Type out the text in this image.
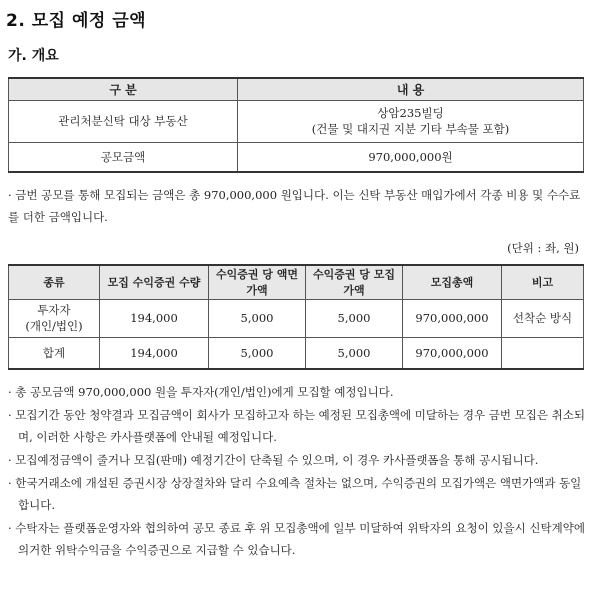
2. 모집 예정 금액
가. 개요
구 분	내 용
관리처분신탁 대상 부동산	상암235빌딩
(건물 및 대지권 지분 기타 부속물 포함)

공모금액	970,000,000원
· 금번 공모를 통해 모집되는 금액은 총 970,000,000 원입니다. 이는 신탁 부동산 매입가에서 각종 비용 및 수수료를 더한 금액입니다.
(단위 : 좌, 원)
종류	모집 수익증권 수량	수익증권 당 액면가액	수익증권 당 모집가액	모집총액	비고
투자자
(개인/법인)	194,000	5,000	5,000	970,000,000	선착순 방식
합계	194,000	5,000	5,000	970,000,000	

· 총 공모금액 970,000,000 원을 투자자(개인/법인)에게 모집할 예정입니다.

· 모집기간 동안 청약결과 모집금액이 회사가 모집하고자 하는 예정된 모집총액에 미달하는 경우 금번 모집은 취소되며, 이러한 사항은 카사플랫폼에 안내될 예정입니다.

· 모집예정금액이 줄거나 모집(판매) 예정기간이 단축될 수 있으며, 이 경우 카사플랫폼을 통해 공시됩니다.

· 한국거래소에 개설된 증권시장 상장절차와 달리 수요예측 절차는 없으며, 수익증권의 모집가액은 액면가액과 동일합니다.

· 수탁자는 플랫폼운영자와 협의하여 공모 종료 후 위 모집총액에 일부 미달하여 위탁자의 요청이 있을시 신탁계약에 의거한 위탁수익금을 수익증권으로 지급할 수 있습니다.
